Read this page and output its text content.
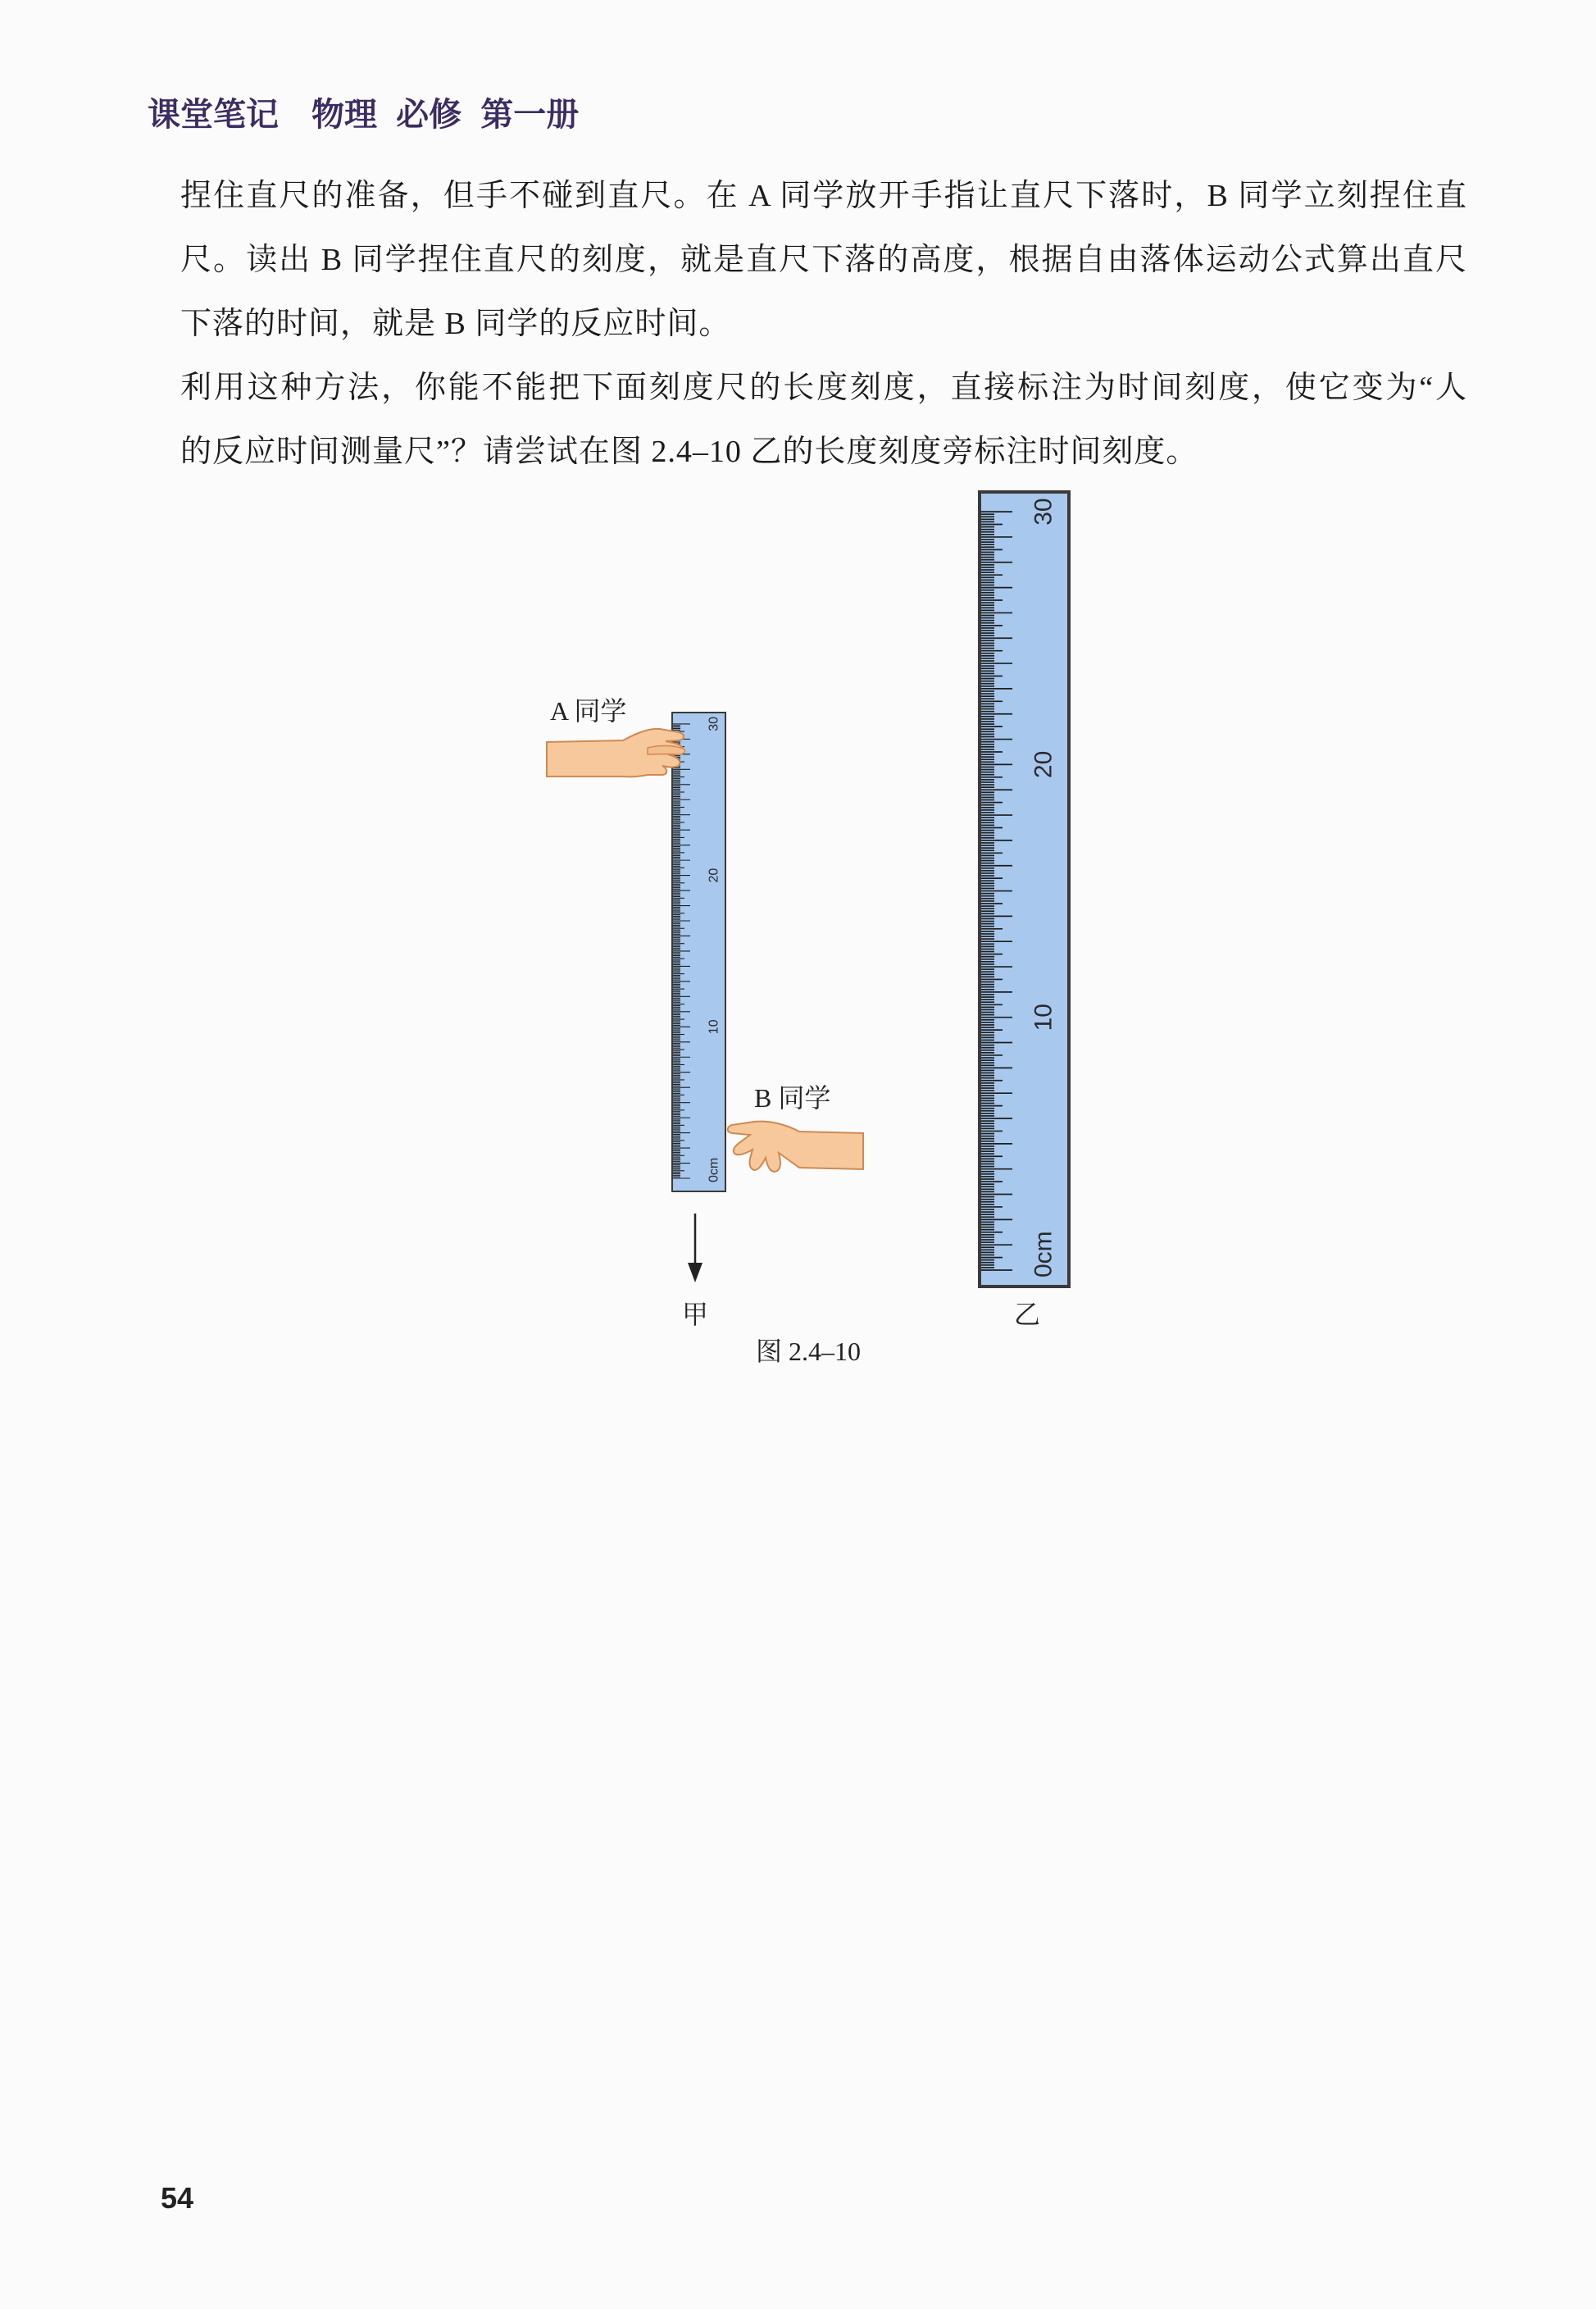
课堂笔记 物理 必修 第一册
30
20
10
0cm
A 同学
B 同学
30
20
10
0cm
甲	乙
图 2.4–10
捏住直尺的准备，但手不碰到直尺。在 A 同学放开手指让直尺下落时，B 同学立刻捏住直
尺。读出 B 同学捏住直尺的刻度，就是直尺下落的高度，根据自由落体运动公式算出直尺
下落的时间，就是 B 同学的反应时间。
利用这种方法，你能不能把下面刻度尺的长度刻度，直接标注为时间刻度，使它变为“人
的反应时间测量尺”？请尝试在图 2.4–10 乙的长度刻度旁标注时间刻度。
54
